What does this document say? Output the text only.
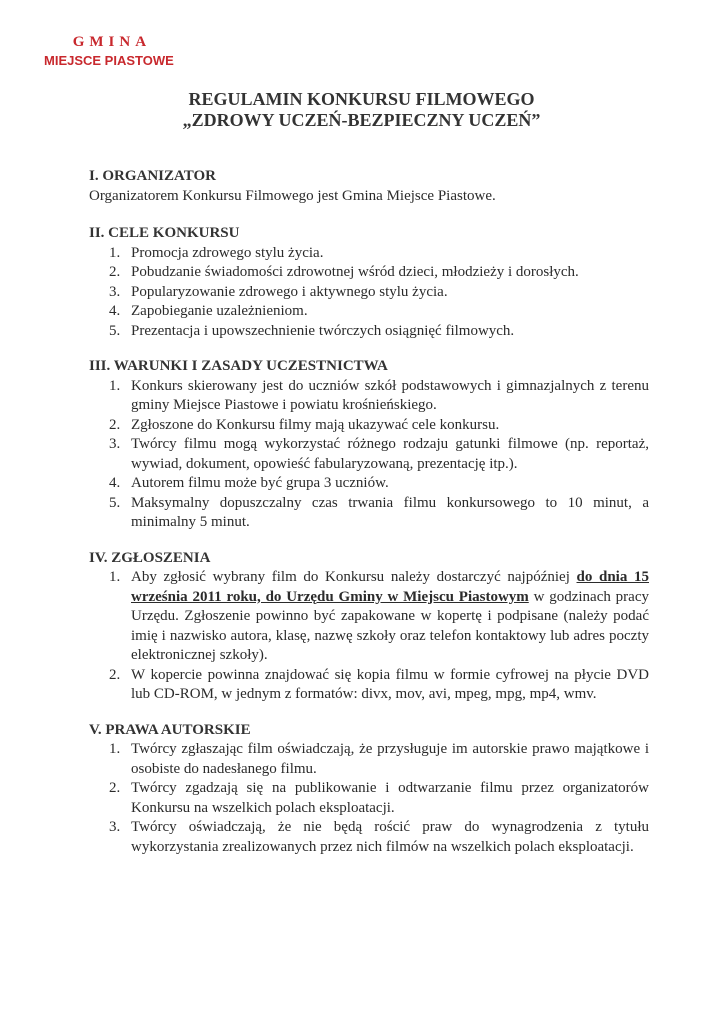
GMINA
MIEJSCE PIASTOWE
REGULAMIN KONKURSU FILMOWEGO
„ZDROWY UCZEŃ-BEZPIECZNY UCZEŃ”
I. ORGANIZATOR
Organizatorem Konkursu Filmowego jest Gmina Miejsce Piastowe.
II. CELE KONKURSU
1. Promocja zdrowego stylu życia.
2. Pobudzanie świadomości zdrowotnej wśród dzieci, młodzieży i dorosłych.
3. Popularyzowanie zdrowego i aktywnego stylu życia.
4. Zapobieganie uzależnieniom.
5. Prezentacja i upowszechnienie twórczych osiągnięć filmowych.
III. WARUNKI I ZASADY UCZESTNICTWA
1. Konkurs skierowany jest do uczniów szkół podstawowych i gimnazjalnych z terenu gminy Miejsce Piastowe i powiatu krośnieńskiego.
2. Zgłoszone do Konkursu filmy mają ukazywać cele konkursu.
3. Twórcy filmu mogą wykorzystać różnego rodzaju gatunki filmowe (np. reportaż, wywiad, dokument, opowieść fabularyzowaną, prezentację itp.).
4. Autorem filmu może być grupa 3 uczniów.
5. Maksymalny dopuszczalny czas trwania filmu konkursowego to 10 minut, a minimalny 5 minut.
IV. ZGŁOSZENIA
1. Aby zgłosić wybrany film do Konkursu należy dostarczyć najpóźniej do dnia 15 września 2011 roku, do Urzędu Gminy w Miejscu Piastowym w godzinach pracy Urzędu. Zgłoszenie powinno być zapakowane w kopertę i podpisane (należy podać imię i nazwisko autora, klasę, nazwę szkoły oraz telefon kontaktowy lub adres poczty elektronicznej szkoły).
2. W kopercie powinna znajdować się kopia filmu w formie cyfrowej na płycie DVD lub CD-ROM, w jednym z formatów: divx, mov, avi, mpeg, mpg, mp4, wmv.
V. PRAWA AUTORSKIE
1. Twórcy zgłaszając film oświadczają, że przysługuje im autorskie prawo majątkowe i osobiste do nadesłanego filmu.
2. Twórcy zgadzają się na publikowanie i odtwarzanie filmu przez organizatorów Konkursu na wszelkich polach eksploatacji.
3. Twórcy oświadczają, że nie będą rościć praw do wynagrodzenia z tytułu wykorzystania zrealizowanych przez nich filmów na wszelkich polach eksploatacji.
